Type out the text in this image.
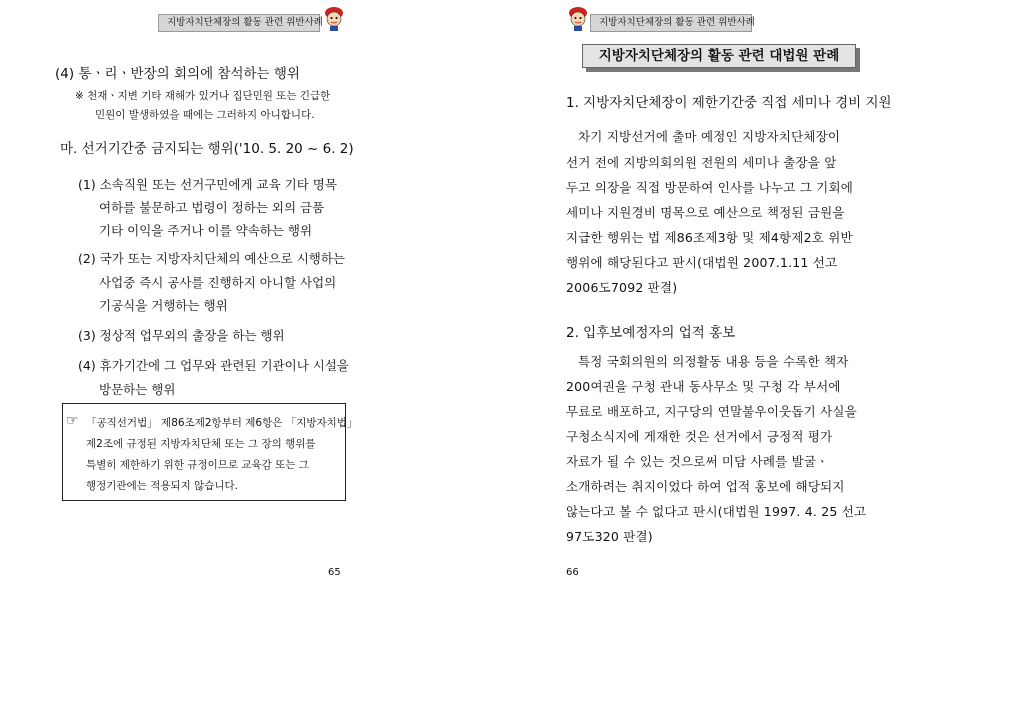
지방자치단체장의 활동 관련 위반사례
(4) 통ㆍ리ㆍ반장의 회의에 참석하는 행위
※ 천재ㆍ지변 기타 재해가 있거나 집단민원 또는 긴급한
민원이 발생하였을 때에는 그러하지 아니합니다.
마. 선거기간중 금지되는 행위('10. 5. 20 ~ 6. 2)
(1) 소속직원 또는 선거구민에게 교육 기타 명목
여하를 불문하고 법령이 정하는 외의 금품
기타 이익을 주거나 이를 약속하는 행위
(2) 국가 또는 지방자치단체의 예산으로 시행하는
사업중 즉시 공사를 진행하지 아니할 사업의
기공식을 거행하는 행위
(3) 정상적 업무외의 출장을 하는 행위
(4) 휴가기간에 그 업무와 관련된 기관이나 시설을
방문하는 행위
☞ 「공직선거법」 제86조제2항부터 제6항은 「지방자치법」
제2조에 규정된 지방자치단체 또는 그 장의 행위를
특별히 제한하기 위한 규정이므로 교육감 또는 그
행정기관에는 적용되지 않습니다.
65
지방자치단체장의 활동 관련 위반사례
지방자치단체장의 활동 관련 대법원 판례
1. 지방자치단체장이 제한기간중 직접 세미나 경비 지원
차기 지방선거에 출마 예정인 지방자치단체장이
선거 전에 지방의회의원 전원의 세미나 출장을 앞
두고 의장을 직접 방문하여 인사를 나누고 그 기회에
세미나 지원경비 명목으로 예산으로 책정된 금원을
지급한 행위는 법 제86조제3항 및 제4항제2호 위반
행위에 해당된다고 판시(대법원 2007.1.11 선고
2006도7092 판결)
2. 입후보예정자의 업적 홍보
특정 국회의원의 의정활동 내용 등을 수록한 책자
200여권을 구청 관내 동사무소 및 구청 각 부서에
무료로 배포하고, 지구당의 연말불우이웃돕기 사실을
구청소식지에 게재한 것은 선거에서 긍정적 평가
자료가 될 수 있는 것으로써 미담 사례를 발굴ㆍ
소개하려는 취지이었다 하여 업적 홍보에 해당되지
않는다고 볼 수 없다고 판시(대법원 1997. 4. 25 선고
97도320 판결)
66
